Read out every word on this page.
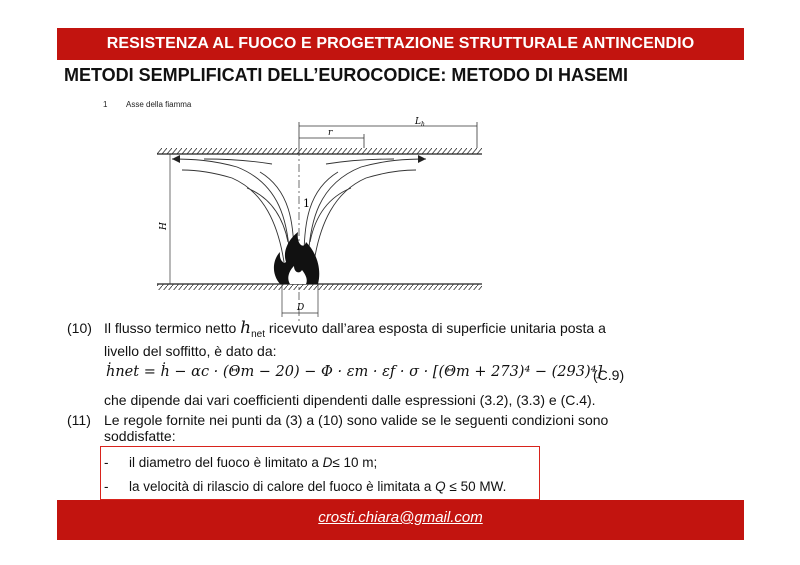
RESISTENZA AL FUOCO E PROGETTAZIONE STRUTTURALE ANTINCENDIO
METODI SEMPLIFICATI DELL’EUROCODICE: METODO DI HASEMI
1 Asse della fiamma
$L_h$
r
1
H
D
(10) Il flusso termico netto $h_{net}$ ricevuto dall’area esposta di superficie unitaria posta a
livello del soffitto, è dato da:
ḣnet = ḣ − αc · (Θm − 20) − Φ · εm · εf · σ · [(Θm + 273)⁴ − (293)⁴]
(C.9)
che dipende dai vari coefficienti dipendenti dalle espressioni (3.2), (3.3) e (C.4).
(11) Le regole fornite nei punti da (3) a (10) sono valide se le seguenti condizioni sono
soddisfatte:
- il diametro del fuoco è limitato a D≤ 10 m;
- la velocità di rilascio di calore del fuoco è limitata a Q ≤ 50 MW.
crosti.chiara@gmail.com
